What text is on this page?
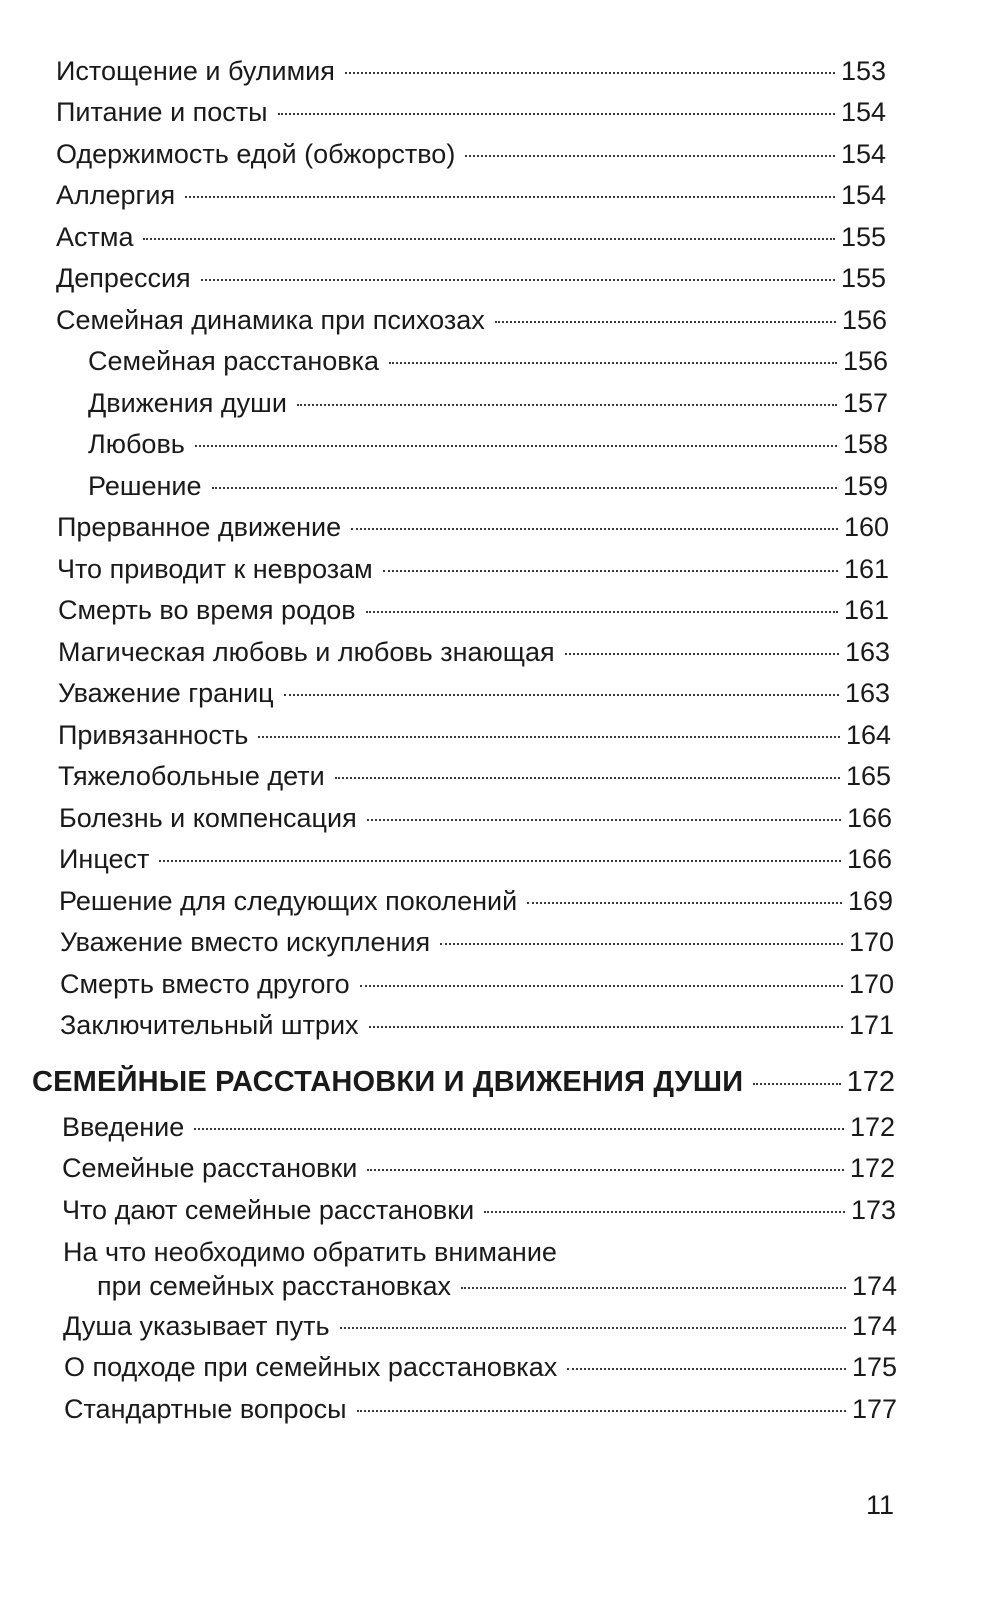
Истощение и булимия	153
Питание и посты	154
Одержимость едой (обжорство)	154
Аллергия	154
Астма	155
Депрессия	155
Семейная динамика при психозах	156
Семейная расстановка	156
Движения души	157
Любовь	158
Решение	159
Прерванное движение	160
Что приводит к неврозам	161
Смерть во время родов	161
Магическая любовь и любовь знающая	163
Уважение границ	163
Привязанность	164
Тяжелобольные дети	165
Болезнь и компенсация	166
Инцест	166
Решение для следующих поколений	169
Уважение вместо искупления	170
Смерть вместо другого	170
Заключительный штрих	171
СЕМЕЙНЫЕ РАССТАНОВКИ И ДВИЖЕНИЯ ДУШИ	172
Введение	172
Семейные расстановки	172
Что дают семейные расстановки	173
На что необходимо обратить внимание
при семейных расстановках	174
Душа указывает путь	174
О подходе при семейных расстановках	175
Стандартные вопросы	177
11
